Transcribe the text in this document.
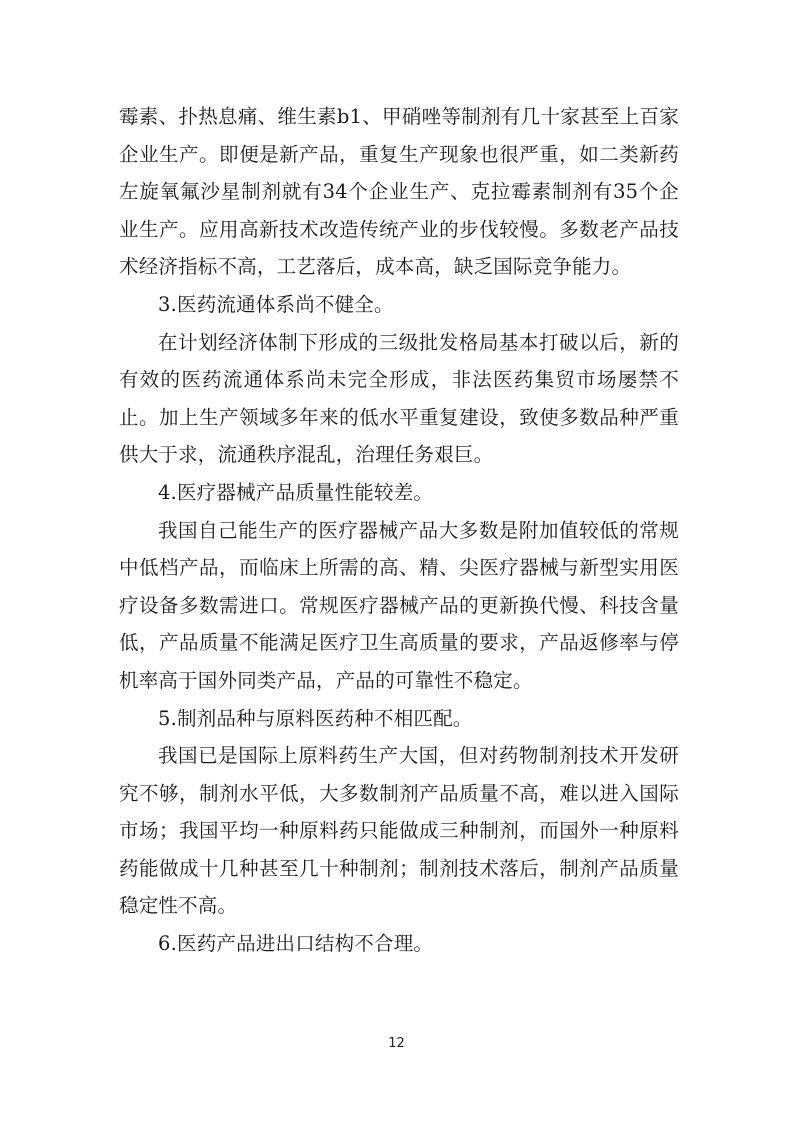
霉素、扑热息痛、维生素b1、甲硝唑等制剂有几十家甚至上百家企业生产。即便是新产品，重复生产现象也很严重，如二类新药左旋氧氟沙星制剂就有34个企业生产、克拉霉素制剂有35个企业生产。应用高新技术改造传统产业的步伐较慢。多数老产品技术经济指标不高，工艺落后，成本高，缺乏国际竞争能力。

3.医药流通体系尚不健全。

在计划经济体制下形成的三级批发格局基本打破以后，新的有效的医药流通体系尚未完全形成，非法医药集贸市场屡禁不止。加上生产领域多年来的低水平重复建设，致使多数品种严重供大于求，流通秩序混乱，治理任务艰巨。

4.医疗器械产品质量性能较差。

我国自己能生产的医疗器械产品大多数是附加值较低的常规中低档产品，而临床上所需的高、精、尖医疗器械与新型实用医疗设备多数需进口。常规医疗器械产品的更新换代慢、科技含量低，产品质量不能满足医疗卫生高质量的要求，产品返修率与停机率高于国外同类产品，产品的可靠性不稳定。

5.制剂品种与原料医药种不相匹配。

我国已是国际上原料药生产大国，但对药物制剂技术开发研究不够，制剂水平低，大多数制剂产品质量不高，难以进入国际市场；我国平均一种原料药只能做成三种制剂，而国外一种原料药能做成十几种甚至几十种制剂；制剂技术落后，制剂产品质量稳定性不高。

6.医药产品进出口结构不合理。

12
